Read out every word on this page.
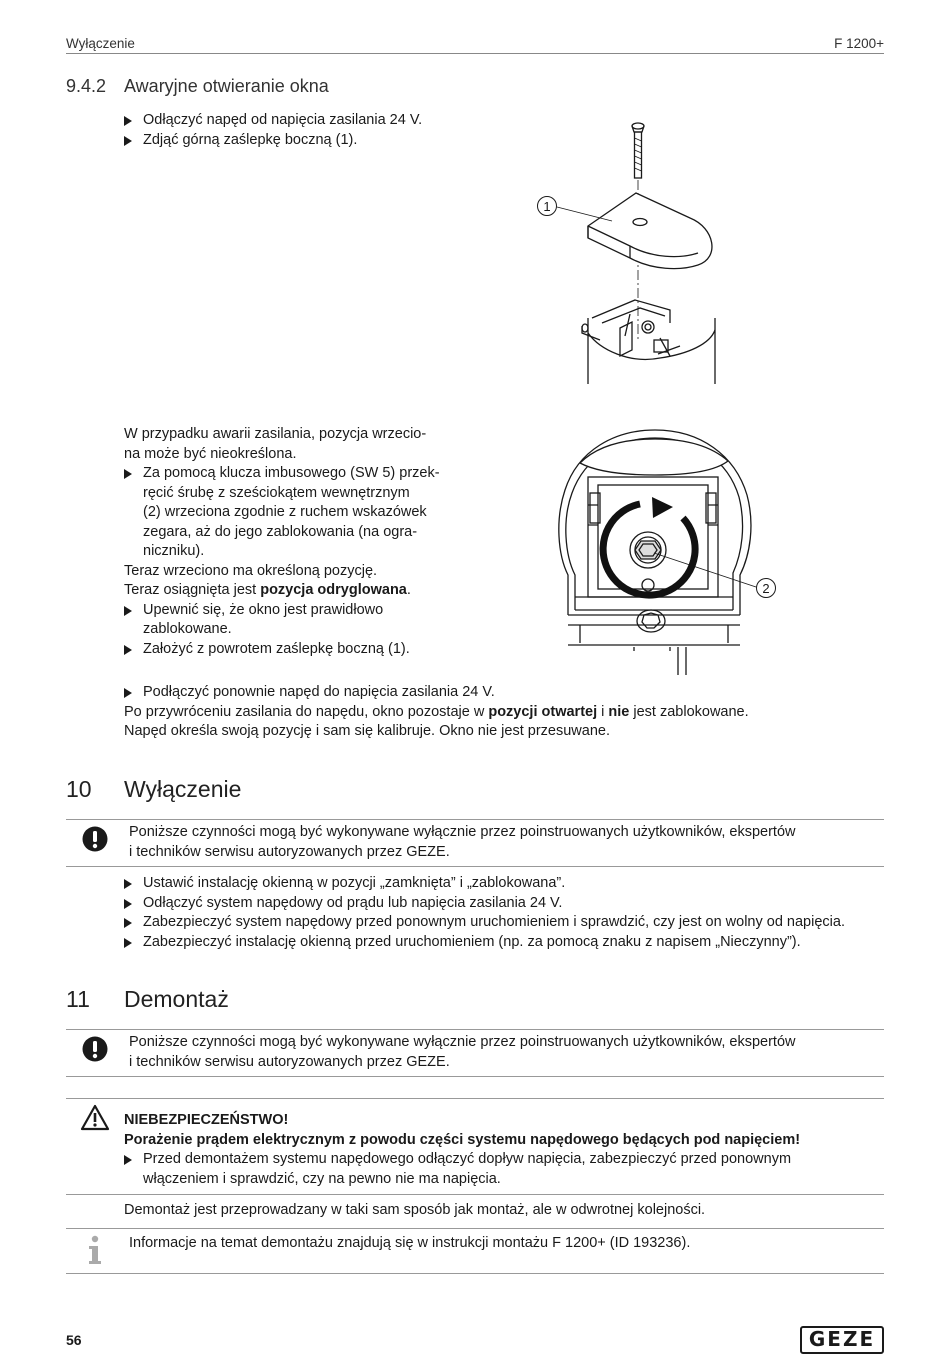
Wyłączenie	F 1200+
9.4.2 Awaryjne otwieranie okna
Odłączyć napęd od napięcia zasilania 24 V.
Zdjąć górną zaślepkę boczną (1).
1
W przypadku awarii zasilania, pozycja wrzecio-
na może być nieokreślona.
Za pomocą klucza imbusowego (SW 5) przek-
ręcić śrubę z sześciokątem wewnętrznym
(2) wrzeciona zgodnie z ruchem wskazówek
zegara, aż do jego zablokowania (na ogra-
niczniku).
Teraz wrzeciono ma określoną pozycję.
Teraz osiągnięta jest pozycja odryglowana.
Upewnić się, że okno jest prawidłowo
zablokowane.
Założyć z powrotem zaślepkę boczną (1).
2
Podłączyć ponownie napęd do napięcia zasilania 24 V.
Po przywróceniu zasilania do napędu, okno pozostaje w pozycji otwartej i nie jest zablokowane.
Napęd określa swoją pozycję i sam się kalibruje. Okno nie jest przesuwane.
10 Wyłączenie
Poniższe czynności mogą być wykonywane wyłącznie przez poinstruowanych użytkowników, ekspertów
i techników serwisu autoryzowanych przez GEZE.
Ustawić instalację okienną w pozycji „zamknięta” i „zablokowana”.
Odłączyć system napędowy od prądu lub napięcia zasilania 24 V.
Zabezpieczyć system napędowy przed ponownym uruchomieniem i sprawdzić, czy jest on wolny od napięcia.
Zabezpieczyć instalację okienną przed uruchomieniem (np. za pomocą znaku z napisem „Nieczynny”).
11 Demontaż
Poniższe czynności mogą być wykonywane wyłącznie przez poinstruowanych użytkowników, ekspertów
i techników serwisu autoryzowanych przez GEZE.
NIEBEZPIECZEŃSTWO!
Porażenie prądem elektrycznym z powodu części systemu napędowego będących pod napięciem!
Przed demontażem systemu napędowego odłączyć dopływ napięcia, zabezpieczyć przed ponownym
włączeniem i sprawdzić, czy na pewno nie ma napięcia.
Demontaż jest przeprowadzany w taki sam sposób jak montaż, ale w odwrotnej kolejności.
Informacje na temat demontażu znajdują się w instrukcji montażu F 1200+ (ID 193236).
56	GEZE
